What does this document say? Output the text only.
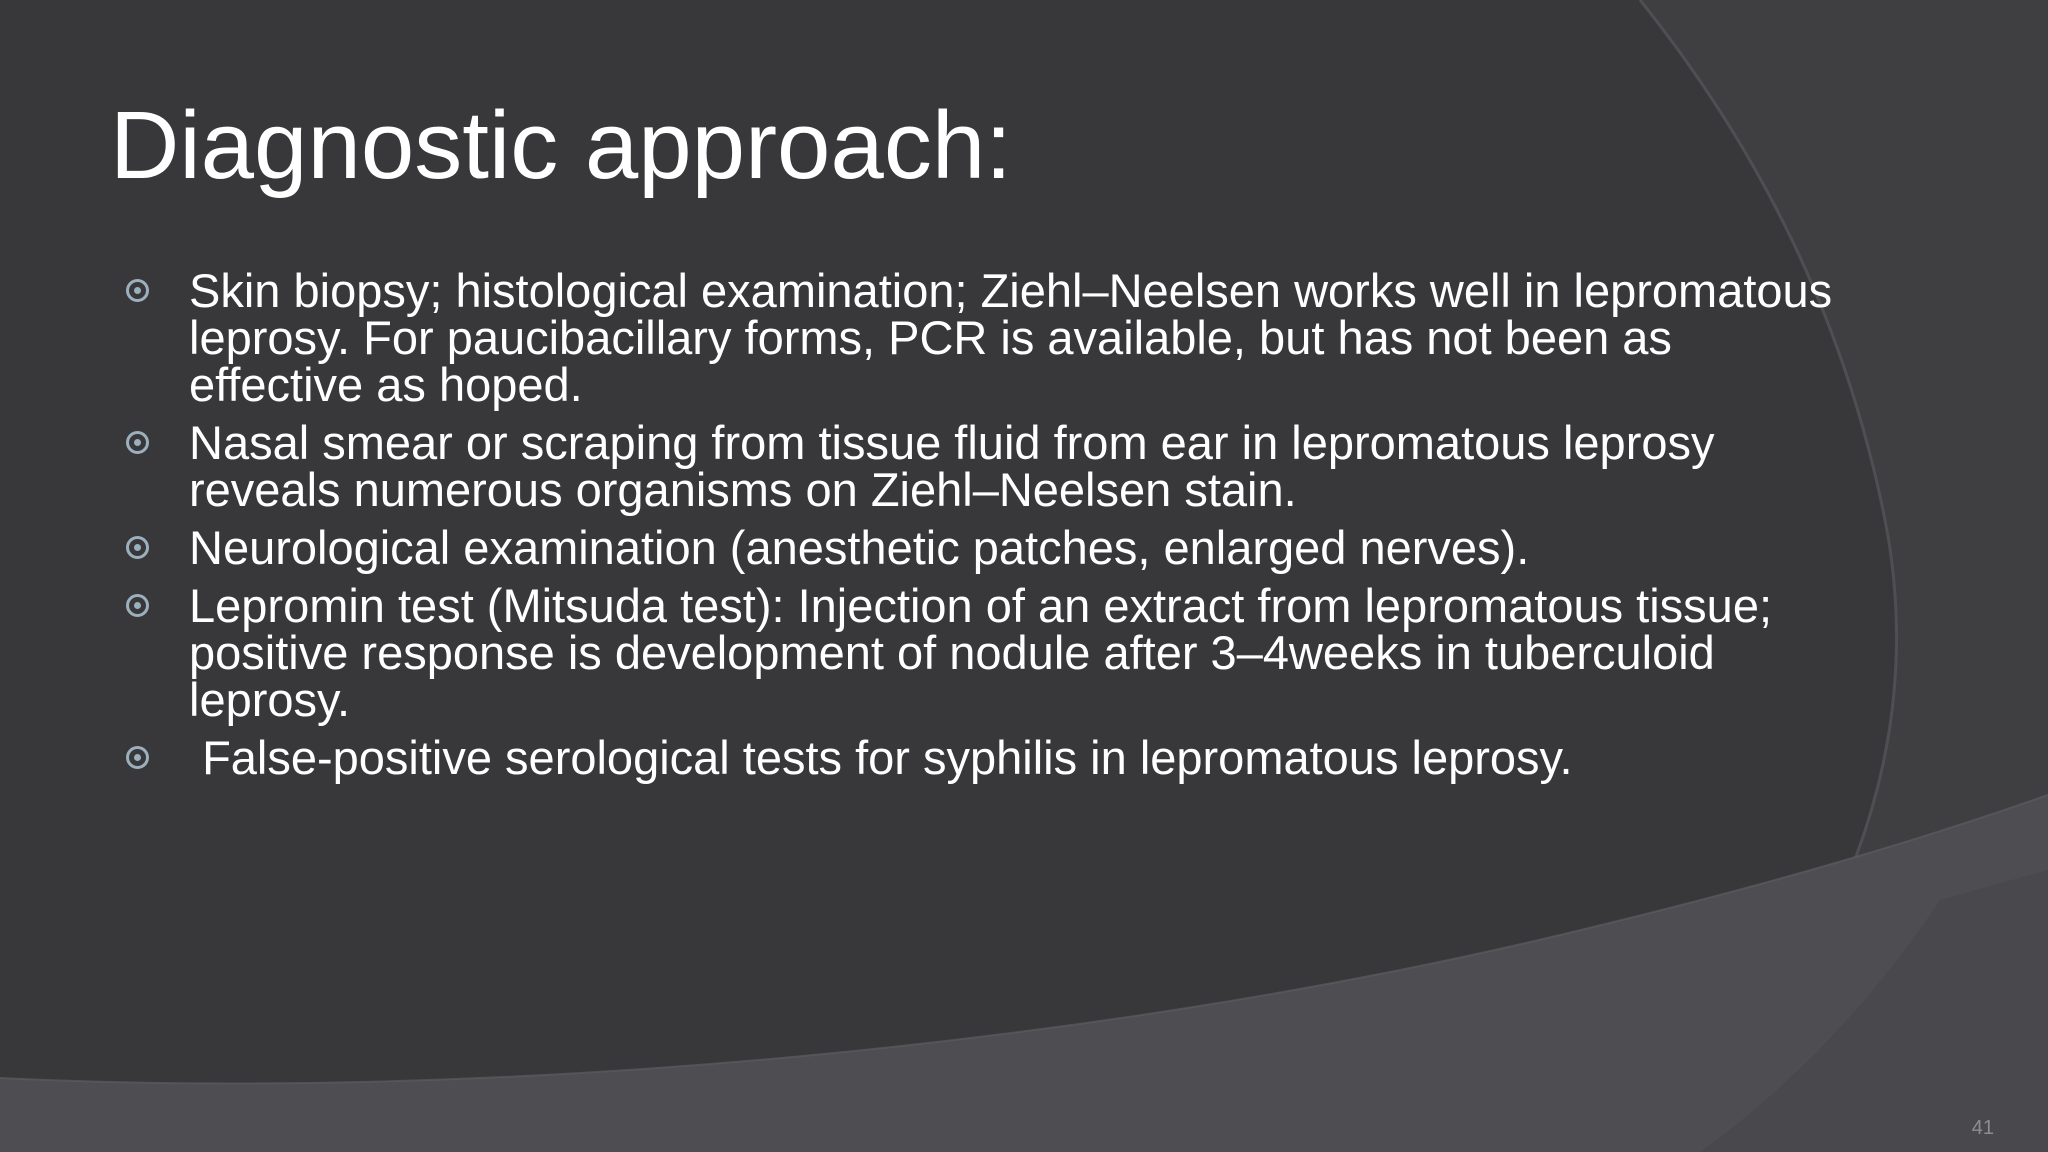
Diagnostic approach:
Skin biopsy; histological examination; Ziehl–Neelsen works well in lepromatous leprosy. For paucibacillary forms, PCR is available, but has not been as effective as hoped.
Nasal smear or scraping from tissue fluid from ear in lepromatous leprosy reveals numerous organisms on Ziehl–Neelsen stain.
Neurological examination (anesthetic patches, enlarged nerves).
Lepromin test (Mitsuda test): Injection of an extract from lepromatous tissue; positive response is development of nodule after 3–4weeks in tuberculoid leprosy.
False-positive serological tests for syphilis in lepromatous leprosy.
41
